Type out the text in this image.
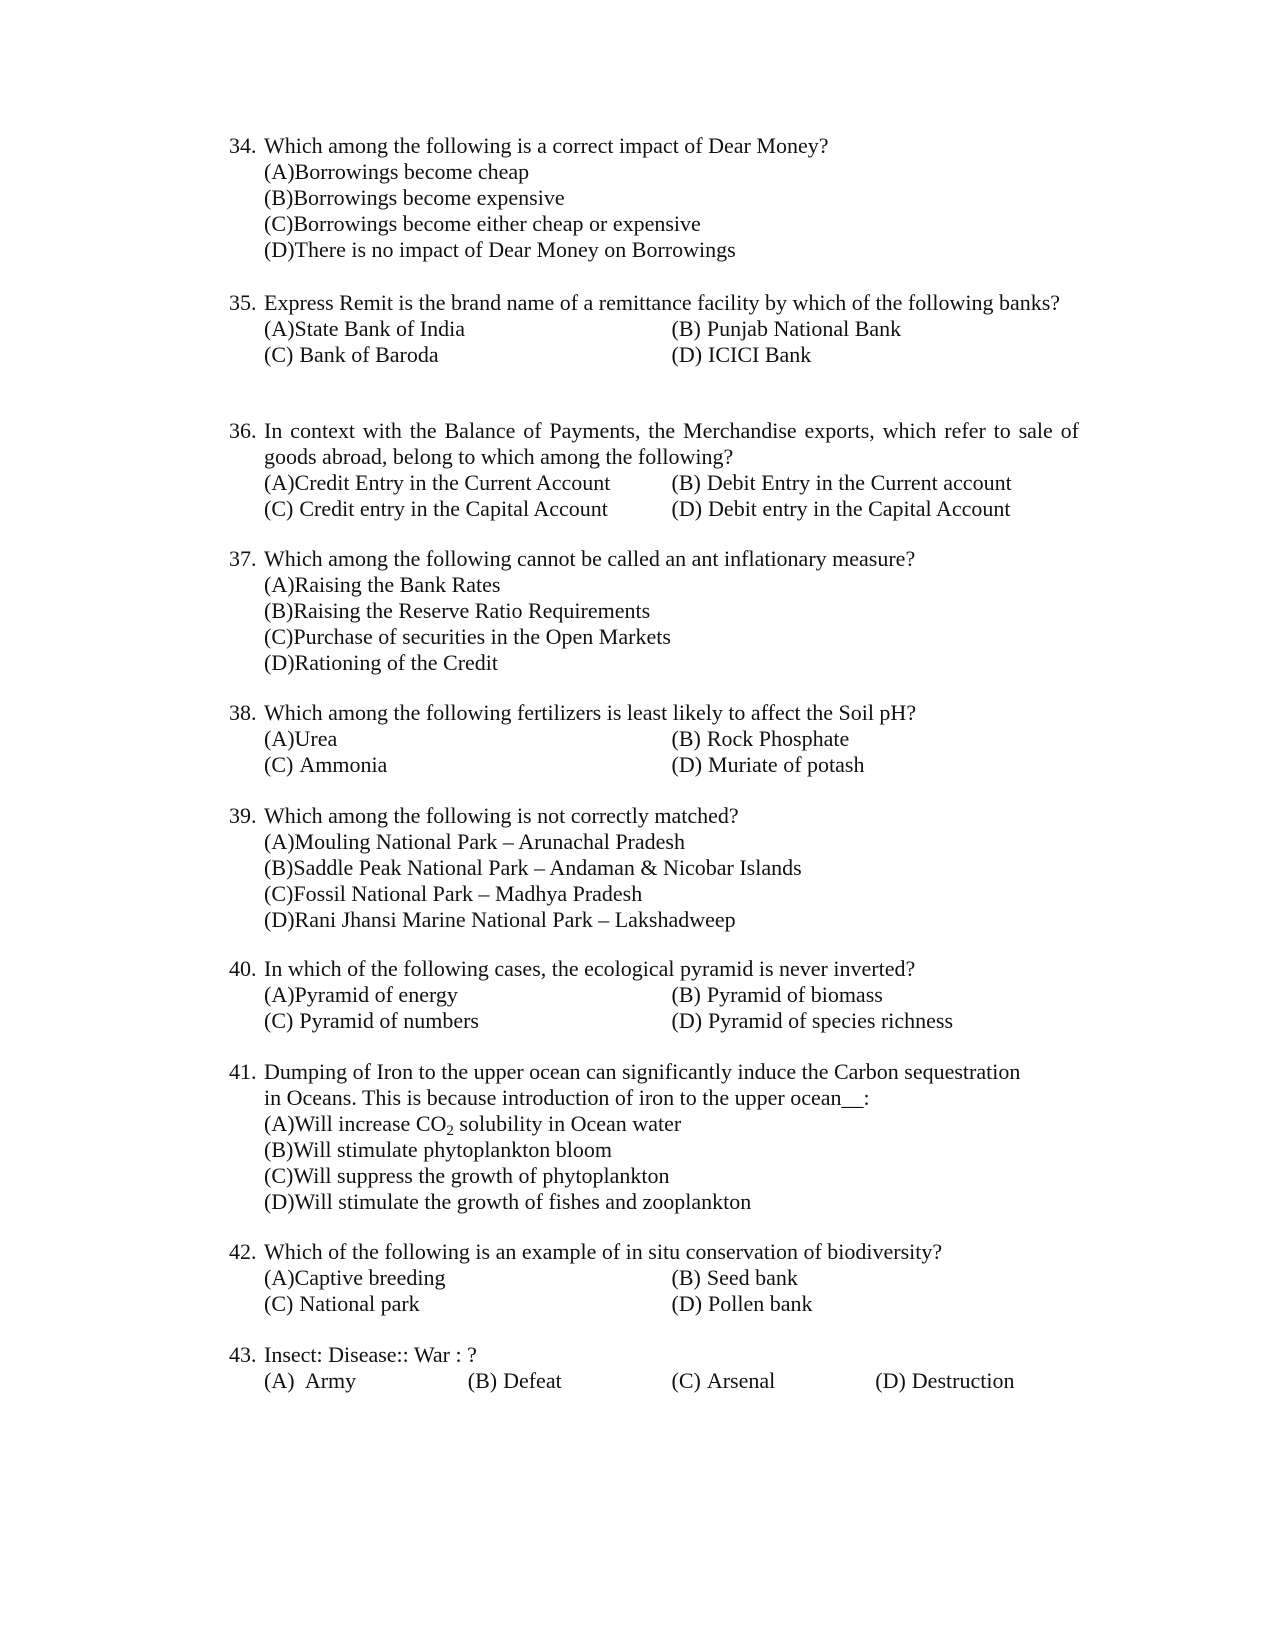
34. Which among the following is a correct impact of Dear Money?
(A) Borrowings become cheap
(B) Borrowings become expensive
(C) Borrowings become either cheap or expensive
(D) There is no impact of Dear Money on Borrowings
35. Express Remit is the brand name of a remittance facility by which of the following banks?
(A) State Bank of India	(B) Punjab National Bank
(C) Bank of Baroda	(D) ICICI Bank
36. In context with the Balance of Payments, the Merchandise exports, which refer to sale of goods abroad, belong to which among the following?
(A) Credit Entry in the Current Account	(B) Debit Entry in the Current account
(C) Credit entry in the Capital Account	(D) Debit entry in the Capital Account
37. Which among the following cannot be called an ant inflationary measure?
(A) Raising the Bank Rates
(B) Raising the Reserve Ratio Requirements
(C) Purchase of securities in the Open Markets
(D) Rationing of the Credit
38. Which among the following fertilizers is least likely to affect the Soil pH?
(A) Urea	(B) Rock Phosphate
(C) Ammonia	(D) Muriate of potash
39. Which among the following is not correctly matched?
(A) Mouling National Park – Arunachal Pradesh
(B) Saddle Peak National Park – Andaman & Nicobar Islands
(C) Fossil National Park – Madhya Pradesh
(D) Rani Jhansi Marine National Park – Lakshadweep
40. In which of the following cases, the ecological pyramid is never inverted?
(A) Pyramid of energy	(B) Pyramid of biomass
(C) Pyramid of numbers	(D) Pyramid of species richness
41. Dumping of Iron to the upper ocean can significantly induce the Carbon sequestration
in Oceans. This is because introduction of iron to the upper ocean__:
(A) Will increase $CO_2$ solubility in Ocean water
(B) Will stimulate phytoplankton bloom
(C) Will suppress the growth of phytoplankton
(D) Will stimulate the growth of fishes and zooplankton
42. Which of the following is an example of in situ conservation of biodiversity?
(A) Captive breeding	(B) Seed bank
(C) National park	(D) Pollen bank
43. Insect: Disease:: War : ?
(A) Army	(B) Defeat	(C) Arsenal	(D) Destruction
